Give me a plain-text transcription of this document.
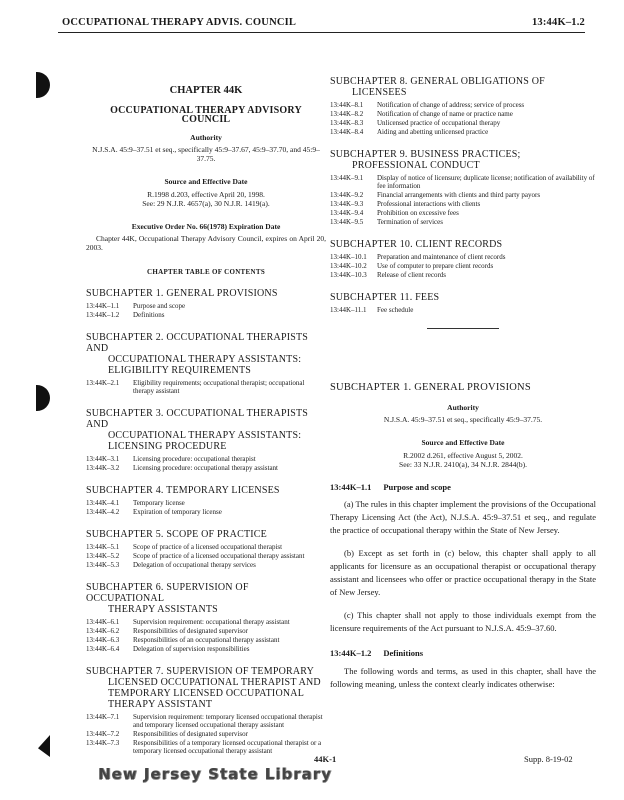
OCCUPATIONAL THERAPY ADVIS. COUNCIL	13:44K–1.2
CHAPTER 44K
OCCUPATIONAL THERAPY ADVISORY COUNCIL
Authority
N.J.S.A. 45:9–37.51 et seq., specifically 45:9–37.67, 45:9–37.70, and 45:9–37.75.
Source and Effective Date
R.1998 d.203, effective April 20, 1998.
See: 29 N.J.R. 4657(a), 30 N.J.R. 1419(a).
Executive Order No. 66(1978) Expiration Date
Chapter 44K, Occupational Therapy Advisory Council, expires on April 20, 2003.
CHAPTER TABLE OF CONTENTS
SUBCHAPTER 1. GENERAL PROVISIONS
13:44K–1.1	Purpose and scope
13:44K–1.2	Definitions
SUBCHAPTER 2. OCCUPATIONAL THERAPISTS AND
OCCUPATIONAL THERAPY ASSISTANTS:
ELIGIBILITY REQUIREMENTS
13:44K–2.1	Eligibility requirements; occupational therapist; occupational therapy assistant
SUBCHAPTER 3. OCCUPATIONAL THERAPISTS AND
OCCUPATIONAL THERAPY ASSISTANTS:
LICENSING PROCEDURE
13:44K–3.1	Licensing procedure: occupational therapist
13:44K–3.2	Licensing procedure: occupational therapy assistant
SUBCHAPTER 4. TEMPORARY LICENSES
13:44K–4.1	Temporary license
13:44K–4.2	Expiration of temporary license
SUBCHAPTER 5. SCOPE OF PRACTICE
13:44K–5.1	Scope of practice of a licensed occupational therapist
13:44K–5.2	Scope of practice of a licensed occupational therapy assistant
13:44K–5.3	Delegation of occupational therapy services
SUBCHAPTER 6. SUPERVISION OF OCCUPATIONAL
THERAPY ASSISTANTS
13:44K–6.1	Supervision requirement: occupational therapy assistant
13:44K–6.2	Responsibilities of designated supervisor
13:44K–6.3	Responsibilities of an occupational therapy assistant
13:44K–6.4	Delegation of supervision responsibilities
SUBCHAPTER 7. SUPERVISION OF TEMPORARY
LICENSED OCCUPATIONAL THERAPIST AND
TEMPORARY LICENSED OCCUPATIONAL THERAPY ASSISTANT
13:44K–7.1	Supervision requirement: temporary licensed occupational therapist and temporary licensed occupational therapy assistant
13:44K–7.2	Responsibilities of designated supervisor
13:44K–7.3	Responsibilities of a temporary licensed occupational therapist or a temporary licensed occupational therapy assistant
SUBCHAPTER 8. GENERAL OBLIGATIONS OF
LICENSEES
13:44K–8.1	Notification of change of address; service of process
13:44K–8.2	Notification of change of name or practice name
13:44K–8.3	Unlicensed practice of occupational therapy
13:44K–8.4	Aiding and abetting unlicensed practice
SUBCHAPTER 9. BUSINESS PRACTICES;
PROFESSIONAL CONDUCT
13:44K–9.1	Display of notice of licensure; duplicate license; notification of availability of fee information
13:44K–9.2	Financial arrangements with clients and third party payors
13:44K–9.3	Professional interactions with clients
13:44K–9.4	Prohibition on excessive fees
13:44K–9.5	Termination of services
SUBCHAPTER 10. CLIENT RECORDS
13:44K–10.1	Preparation and maintenance of client records
13:44K–10.2	Use of computer to prepare client records
13:44K–10.3	Release of client records
SUBCHAPTER 11. FEES
13:44K–11.1	Fee schedule
SUBCHAPTER 1. GENERAL PROVISIONS
Authority
N.J.S.A. 45:9–37.51 et seq., specifically 45:9–37.75.
Source and Effective Date
R.2002 d.261, effective August 5, 2002.
See: 33 N.J.R. 2410(a), 34 N.J.R. 2844(b).
13:44K–1.1 Purpose and scope
(a) The rules in this chapter implement the provisions of the Occupational Therapy Licensing Act (the Act), N.J.S.A. 45:9–37.51 et seq., and regulate the practice of occupational therapy within the State of New Jersey.
(b) Except as set forth in (c) below, this chapter shall apply to all applicants for licensure as an occupational therapist or occupational therapy assistant and licensees who offer or practice occupational therapy in the State of New Jersey.
(c) This chapter shall not apply to those individuals exempt from the licensure requirements of the Act pursuant to N.J.S.A. 45:9–37.60.
13:44K–1.2 Definitions
The following words and terms, as used in this chapter, shall have the following meaning, unless the context clearly indicates otherwise:
44K-1	Supp. 8-19-02
New Jersey State Library
